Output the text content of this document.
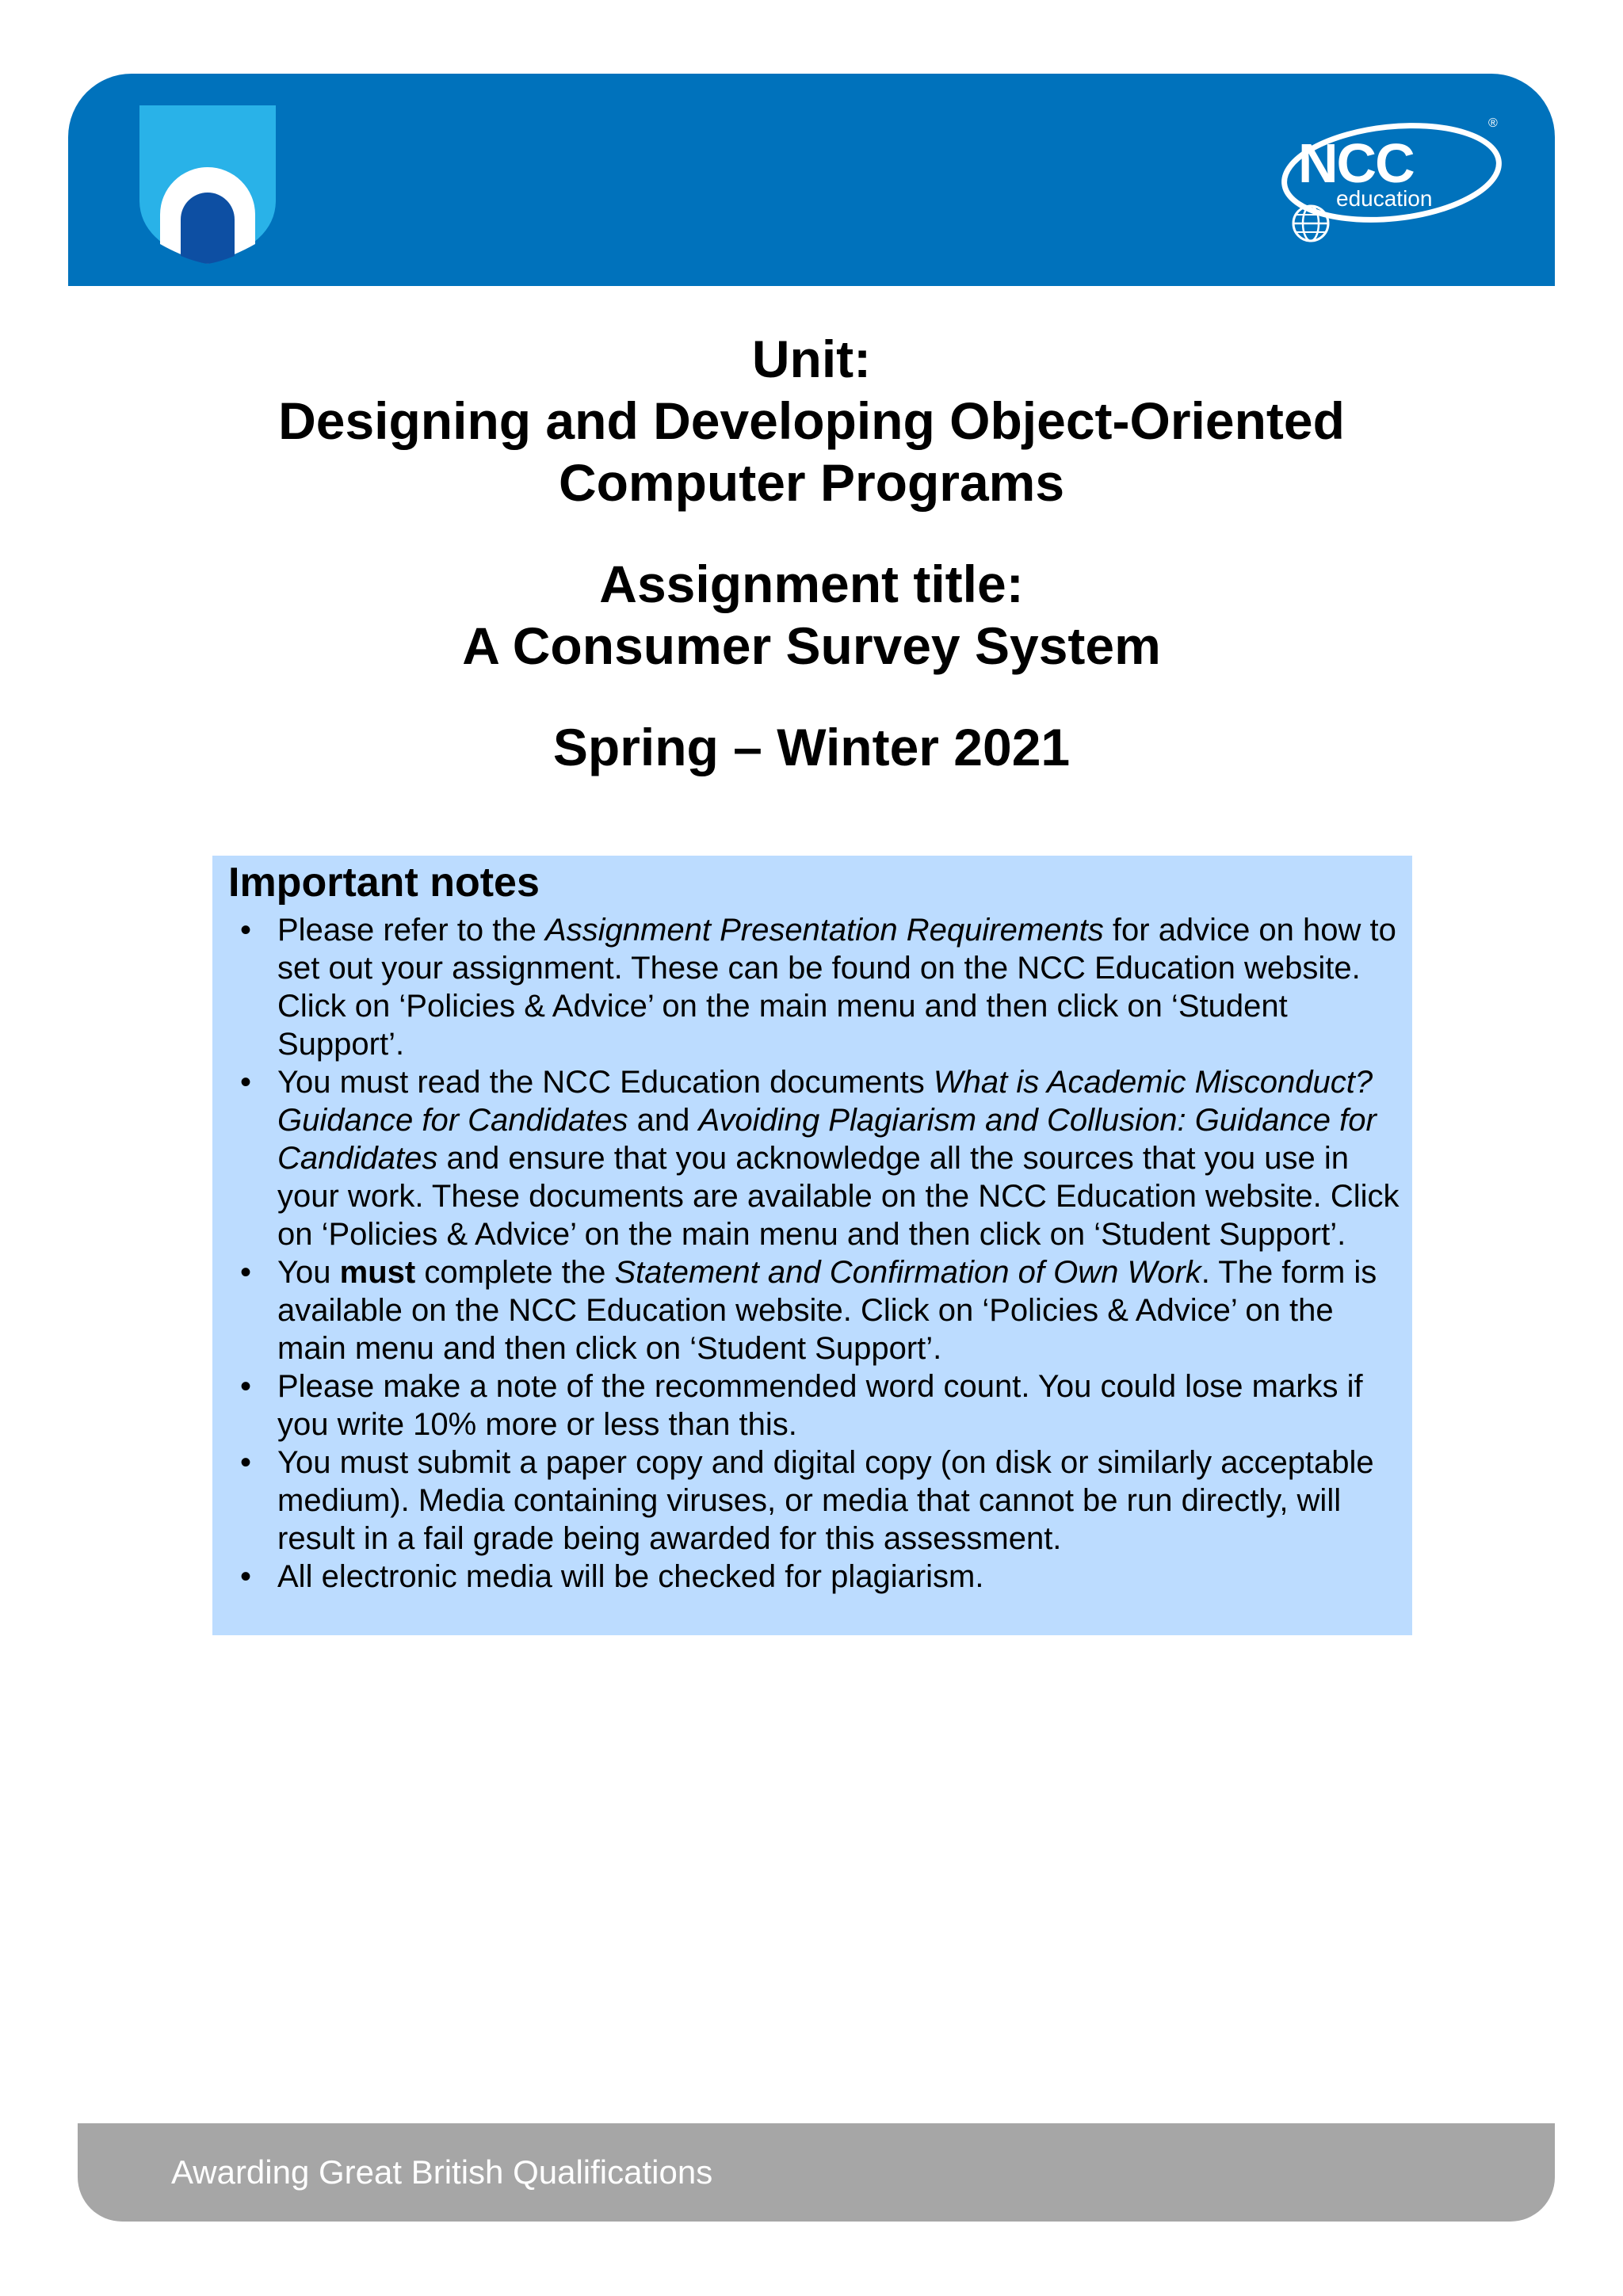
NCC
education
®
Unit:
Designing and Developing Object-Oriented
Computer Programs
Assignment title:
A Consumer Survey System
Spring – Winter 2021
Important notes
• Please refer to the Assignment Presentation Requirements for advice on how to set out your assignment. These can be found on the NCC Education website. Click on ‘Policies & Advice’ on the main menu and then click on ‘Student Support’.
• You must read the NCC Education documents What is Academic Misconduct? Guidance for Candidates and Avoiding Plagiarism and Collusion: Guidance for Candidates and ensure that you acknowledge all the sources that you use in your work. These documents are available on the NCC Education website. Click on ‘Policies & Advice’ on the main menu and then click on ‘Student Support’.
• You must complete the Statement and Confirmation of Own Work. The form is available on the NCC Education website. Click on ‘Policies & Advice’ on the main menu and then click on ‘Student Support’.
• Please make a note of the recommended word count. You could lose marks if you write 10% more or less than this.
• You must submit a paper copy and digital copy (on disk or similarly acceptable medium). Media containing viruses, or media that cannot be run directly, will result in a fail grade being awarded for this assessment.
• All electronic media will be checked for plagiarism.
Awarding Great British Qualifications
